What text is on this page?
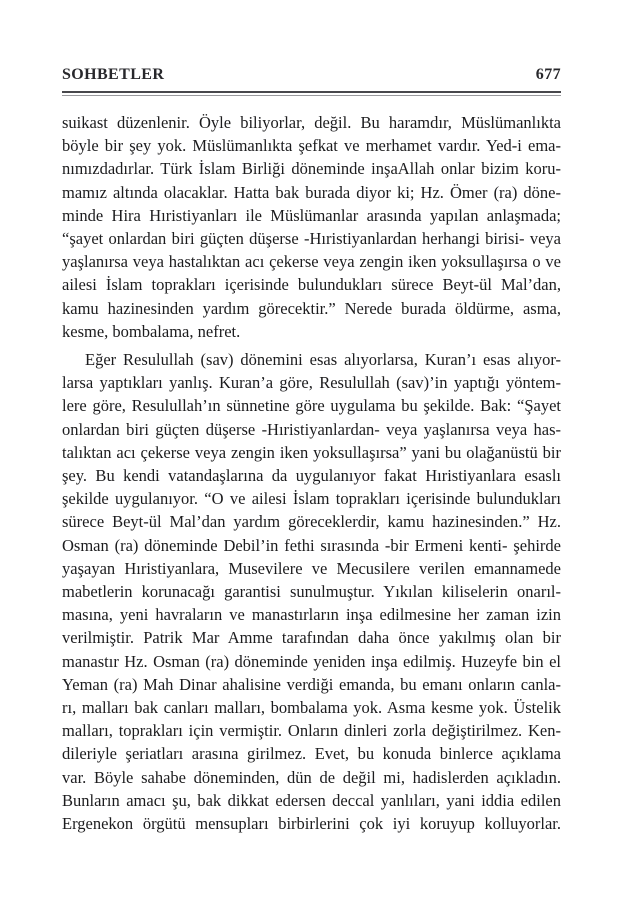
SOHBETLER	677
suikast düzenlenir. Öyle biliyorlar, değil. Bu haramdır, Müslümanlıkta
böyle bir şey yok. Müslümanlıkta şefkat ve merhamet vardır. Yed-i ema-
nımızdadırlar. Türk İslam Birliği döneminde inşaAllah onlar bizim koru-
mamız altında olacaklar. Hatta bak burada diyor ki; Hz. Ömer (ra) döne-
minde Hira Hıristiyanları ile Müslümanlar arasında yapılan anlaşmada;
“şayet onlardan biri güçten düşerse -Hıristiyanlardan herhangi birisi- veya
yaşlanırsa veya hastalıktan acı çekerse veya zengin iken yoksullaşırsa o ve
ailesi İslam toprakları içerisinde bulundukları sürece Beyt-ül Mal’dan,
kamu hazinesinden yardım görecektir.” Nerede burada öldürme, asma,
kesme, bombalama, nefret.
Eğer Resulullah (sav) dönemini esas alıyorlarsa, Kuran’ı esas alıyor-
larsa yaptıkları yanlış. Kuran’a göre, Resulullah (sav)’in yaptığı yöntem-
lere göre, Resulullah’ın sünnetine göre uygulama bu şekilde. Bak: “Şayet
onlardan biri güçten düşerse -Hıristiyanlardan- veya yaşlanırsa veya has-
talıktan acı çekerse veya zengin iken yoksullaşırsa” yani bu olağanüstü bir
şey. Bu kendi vatandaşlarına da uygulanıyor fakat Hıristiyanlara esaslı
şekilde uygulanıyor. “O ve ailesi İslam toprakları içerisinde bulundukları
sürece Beyt-ül Mal’dan yardım göreceklerdir, kamu hazinesinden.” Hz.
Osman (ra) döneminde Debil’in fethi sırasında -bir Ermeni kenti- şehirde
yaşayan Hıristiyanlara, Musevilere ve Mecusilere verilen emannamede
mabetlerin korunacağı garantisi sunulmuştur. Yıkılan kiliselerin onarıl-
masına, yeni havraların ve manastırların inşa edilmesine her zaman izin
verilmiştir. Patrik Mar Amme tarafından daha önce yakılmış olan bir
manastır Hz. Osman (ra) döneminde yeniden inşa edilmiş. Huzeyfe bin el
Yeman (ra) Mah Dinar ahalisine verdiği emanda, bu emanı onların canla-
rı, malları bak canları malları, bombalama yok. Asma kesme yok. Üstelik
malları, toprakları için vermiştir. Onların dinleri zorla değiştirilmez. Ken-
dileriyle şeriatları arasına girilmez. Evet, bu konuda binlerce açıklama
var. Böyle sahabe döneminden, dün de değil mi, hadislerden açıkladın.
Bunların amacı şu, bak dikkat edersen deccal yanlıları, yani iddia edilen
Ergenekon örgütü mensupları birbirlerini çok iyi koruyup kolluyorlar.
